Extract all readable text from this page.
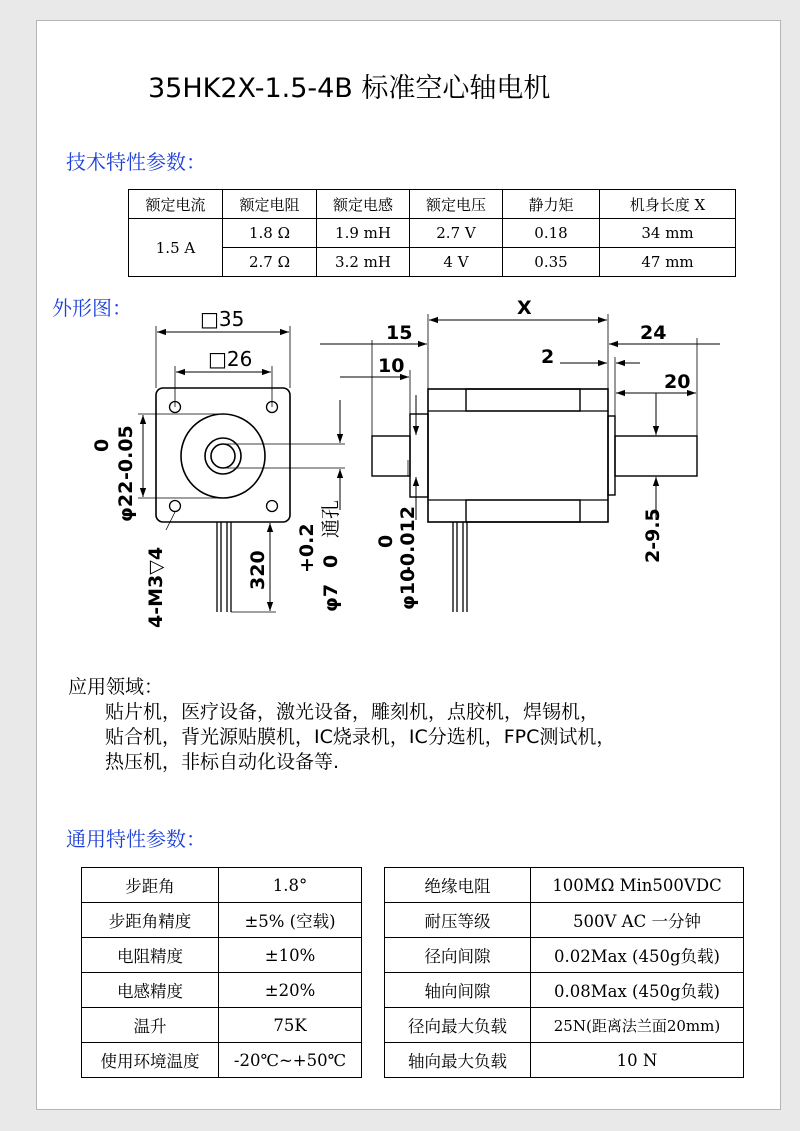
35HK2X-1.5-4B 标准空心轴电机
技术特性参数：
额定电流	额定电阻	额定电感	额定电压	静力矩	机身长度 X
1.5 A	1.8 Ω	1.9 mH	2.7 V	0.18	34 mm
	2.7 Ω	3.2 mH	4 V	0.35	47 mm
外形图：	□35
□26
15
10
X
2
24
20
0 -0.05
φ22
4-M3▽4	320 +0.2
φ7
0
通孔
0
φ10
-0.012	2-9.5
应用领域：
贴片机，医疗设备，激光设备，雕刻机，点胶机，焊锡机，
贴合机，背光源贴膜机，IC烧录机，IC分选机，FPC测试机，
热压机，非标自动化设备等.
通用特性参数：
步距角	1.8°		绝缘电阻	100MΩ Min500VDC
步距角精度	±5% (空载)		耐压等级	500V AC 一分钟
电阻精度	±10%		径向间隙	0.02Max (450g负载)
电感精度	±20%		轴向间隙	0.08Max (450g负载)
温升	75K		径向最大负载	25N(距离法兰面20mm)
使用环境温度	-20℃~+50℃		轴向最大负载	10 N
